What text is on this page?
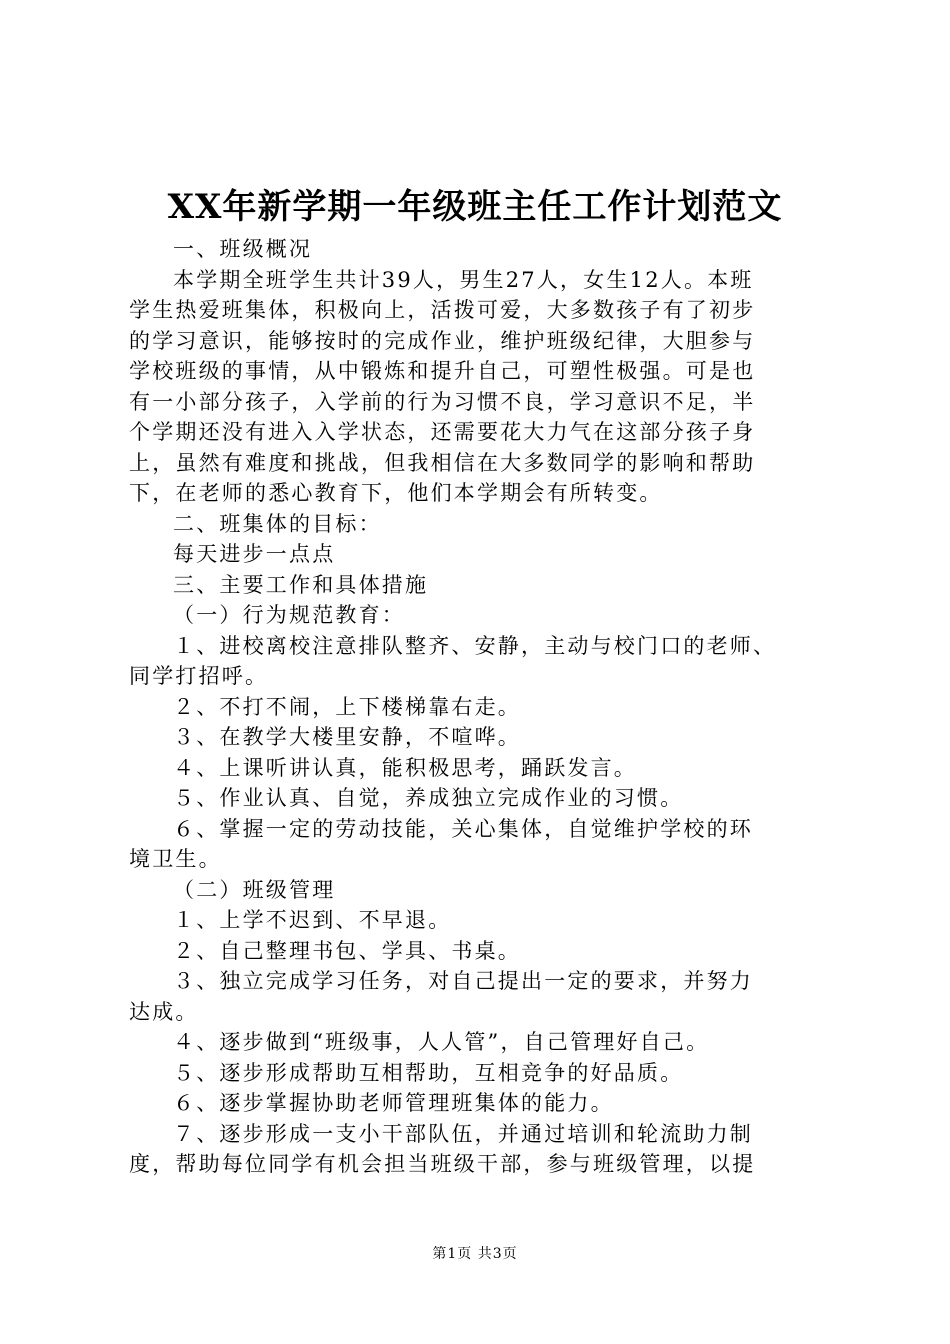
XX年新学期一年级班主任工作计划范文
一、班级概况
本学期全班学生共计39人，男生27人，女生12人。本班
学生热爱班集体，积极向上，活拨可爱，大多数孩子有了初步
的学习意识，能够按时的完成作业，维护班级纪律，大胆参与
学校班级的事情，从中锻炼和提升自己，可塑性极强。可是也
有一小部分孩子，入学前的行为习惯不良，学习意识不足，半
个学期还没有进入入学状态，还需要花大力气在这部分孩子身
上，虽然有难度和挑战，但我相信在大多数同学的影响和帮助
下，在老师的悉心教育下，他们本学期会有所转变。
二、班集体的目标：
每天进步一点点
三、主要工作和具体措施
（一）行为规范教育：
１、进校离校注意排队整齐、安静，主动与校门口的老师、
同学打招呼。
２、不打不闹，上下楼梯靠右走。
３、在教学大楼里安静，不喧哗。
４、上课听讲认真，能积极思考，踊跃发言。
５、作业认真、自觉，养成独立完成作业的习惯。
６、掌握一定的劳动技能，关心集体，自觉维护学校的环
境卫生。
（二）班级管理
１、上学不迟到、不早退。
２、自己整理书包、学具、书桌。
３、独立完成学习任务，对自己提出一定的要求，并努力
达成。
４、逐步做到“班级事，人人管”，自己管理好自己。
５、逐步形成帮助互相帮助，互相竞争的好品质。
６、逐步掌握协助老师管理班集体的能力。
７、逐步形成一支小干部队伍，并通过培训和轮流助力制
度，帮助每位同学有机会担当班级干部，参与班级管理，以提
第1页 共3页
